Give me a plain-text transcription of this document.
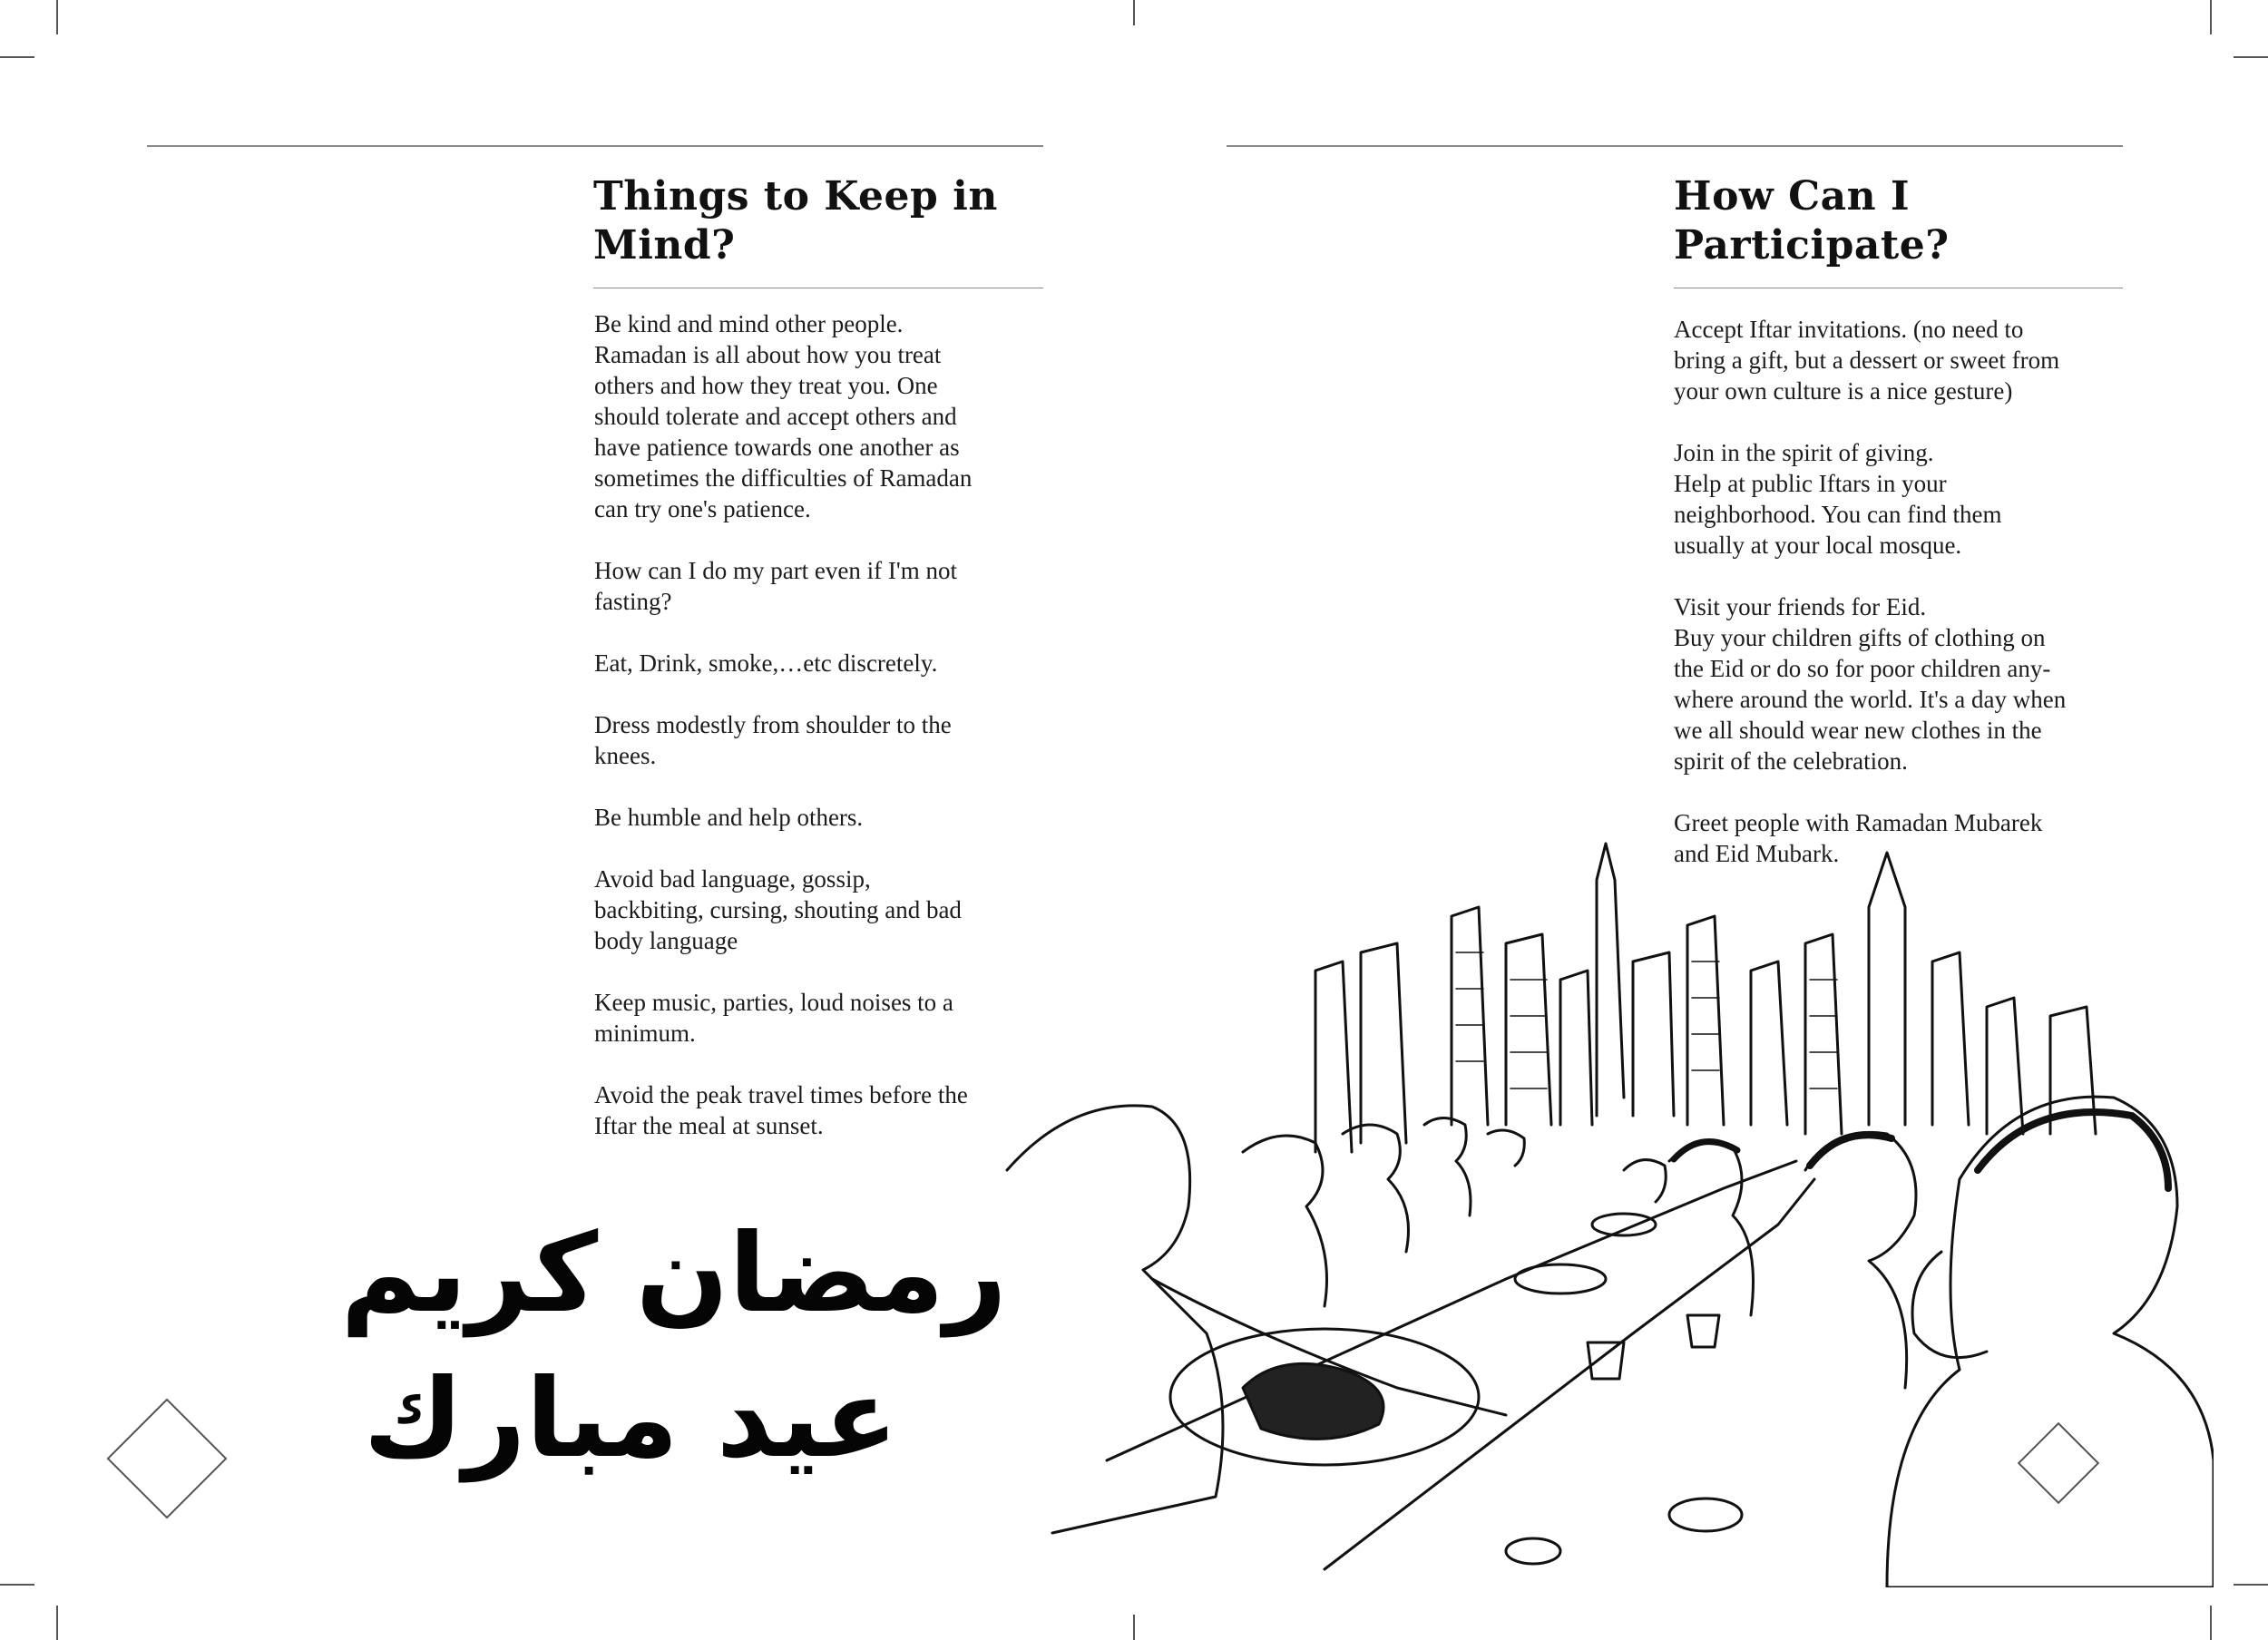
Things to Keep in
Mind?

Be kind and mind other people.
Ramadan is all about how you treat
others and how they treat you. One
should tolerate and accept others and
have patience towards one another as
sometimes the difficulties of Ramadan
can try one's patience.

How can I do my part even if I'm not
fasting?

Eat, Drink, smoke,…etc discretely.

Dress modestly from shoulder to the
knees.

Be humble and help others.

Avoid bad language, gossip,
backbiting, cursing, shouting and bad
body language

Keep music, parties, loud noises to a
minimum.

Avoid the peak travel times before the
Iftar the meal at sunset.

How Can I
Participate?

Accept Iftar invitations. (no need to
bring a gift, but a dessert or sweet from
your own culture is a nice gesture)

Join in the spirit of giving.
Help at public Iftars in your
neighborhood. You can find them
usually at your local mosque.

Visit your friends for Eid.
Buy your children gifts of clothing on
the Eid or do so for poor children any-
where around the world. It's a day when
we all should wear new clothes in the
spirit of the celebration.

Greet people with Ramadan Mubarek
and Eid Mubark.

رمضان كريم
عيد مبارك
